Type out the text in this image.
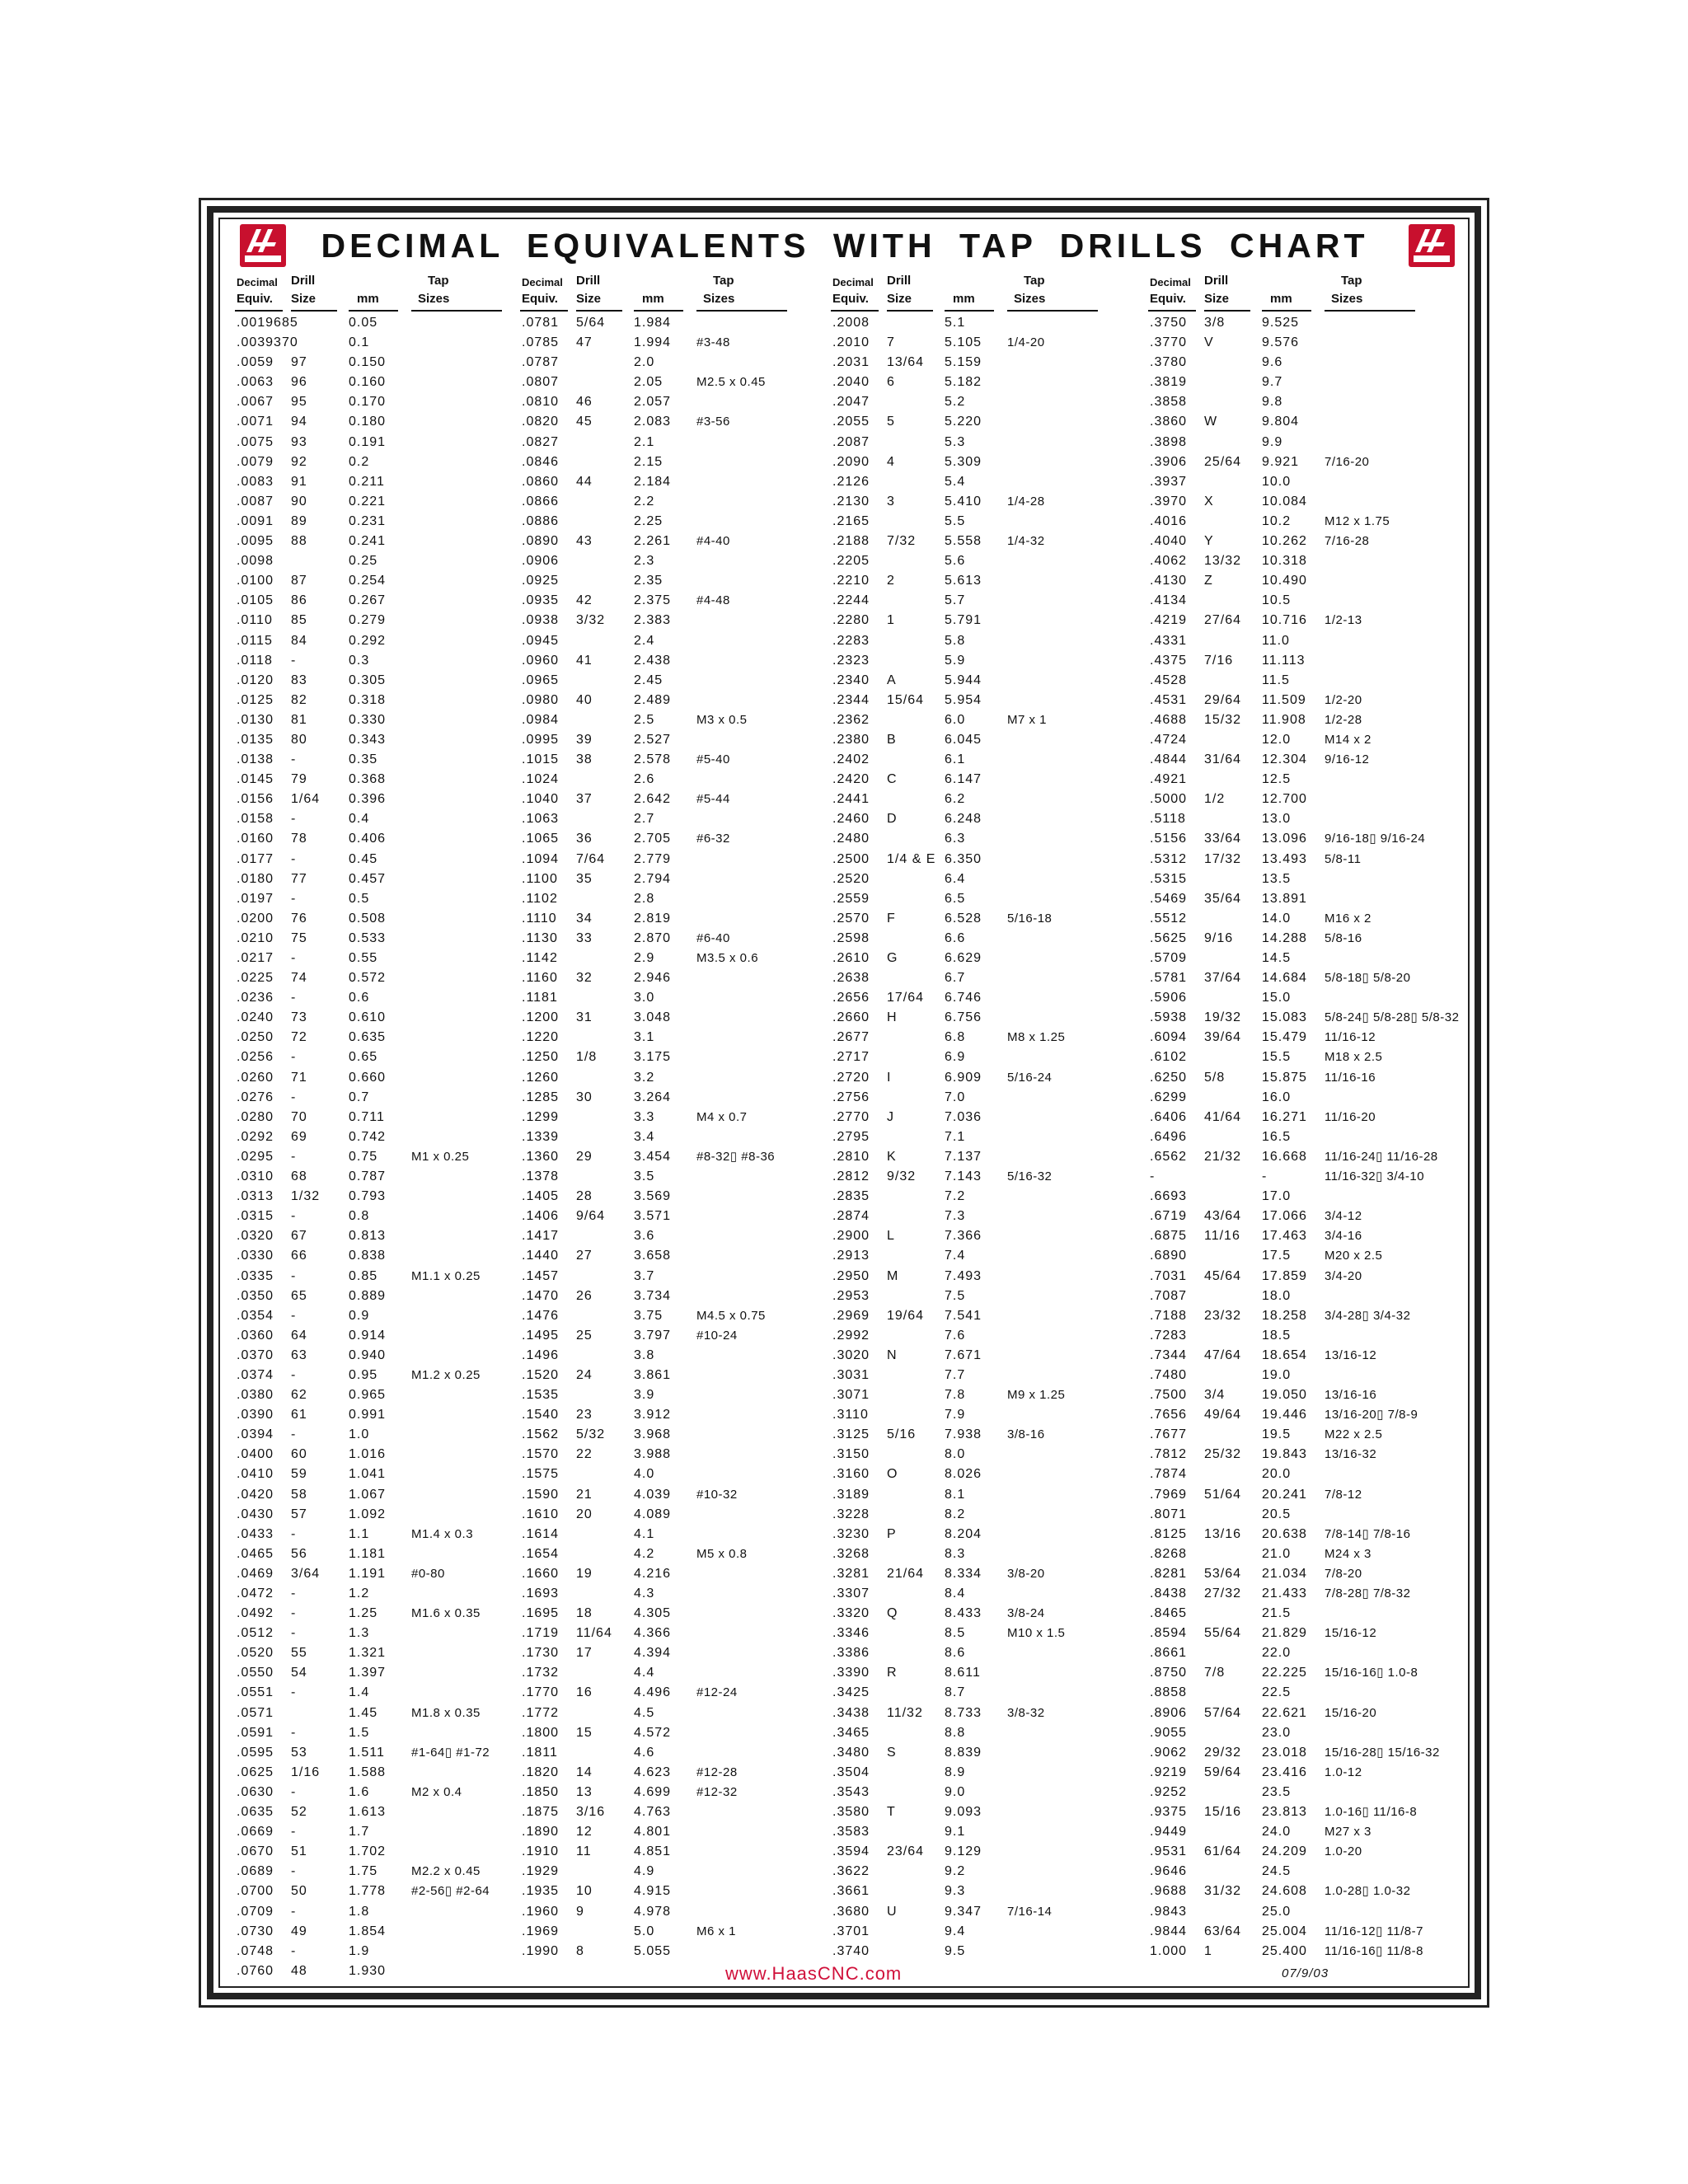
DECIMAL EQUIVALENTS WITH TAP DRILLS CHART
Decimal
Equiv.
Drill
Size	mm
Tap
Sizes
.0019685	0.05
.0039370	0.1
.0059 97	0.150
.0063 96	0.160
.0067 95	0.170
.0071 94	0.180
.0075 93	0.191
.0079 92	0.2
.0083 91	0.211
.0087 90	0.221
.0091 89	0.231
.0095 88	0.241
.0098	0.25
.0100 87	0.254
.0105 86	0.267
.0110 85	0.279
.0115 84	0.292
.0118 -	0.3
.0120 83	0.305
.0125 82	0.318
.0130 81	0.330
.0135 80	0.343
.0138 -	0.35
.0145 79	0.368
.0156 1/64 0.396
.0158 -	0.4
.0160 78	0.406
.0177 -	0.45
.0180 77	0.457
.0197 -	0.5
.0200 76	0.508
.0210 75	0.533
.0217 -	0.55
.0225 74	0.572
.0236 -	0.6
.0240 73	0.610
.0250 72	0.635
.0256 -	0.65
.0260 71	0.660
.0276 -	0.7
.0280 70	0.711
.0292 69	0.742
.0295 -	0.75	M1 x 0.25
.0310 68	0.787
.0313 1/32 0.793
.0315 -	0.8
.0320 67	0.813
.0330 66	0.838
.0335 -	0.85	M1.1 x 0.25
.0350 65	0.889
.0354 -	0.9
.0360 64	0.914
.0370 63	0.940
.0374 -	0.95	M1.2 x 0.25
.0380 62	0.965
.0390 61	0.991
.0394 -	1.0
.0400 60	1.016
.0410 59	1.041
.0420 58	1.067
.0430 57	1.092
.0433 -	1.1	M1.4 x 0.3
.0465 56	1.181
.0469 3/64 1.191 #0-80
.0472 -	1.2
.0492 -	1.25	M1.6 x 0.35
.0512 -	1.3
.0520 55	1.321
.0550 54	1.397
.0551 -	1.4
.0571	1.45	M1.8 x 0.35
.0591 -	1.5
.0595 53	1.511 #1-64▯ #1-72
.0625 1/16 1.588
.0630 -	1.6	M2 x 0.4
.0635 52	1.613
.0669 -	1.7
.0670 51	1.702
.0689 -	1.75	M2.2 x 0.45
.0700 50	1.778 #2-56▯ #2-64
.0709 -	1.8
.0730 49	1.854
.0748 -	1.9
.0760 48	1.930
Decimal
Equiv.
Drill
Size	mm
Tap
Sizes
.0781 5/64 1.984
.0785 47	1.994 #3-48
.0787	2.0
.0807	2.05	M2.5 x 0.45
.0810 46	2.057
.0820 45	2.083 #3-56
.0827	2.1
.0846	2.15
.0860 44	2.184
.0866	2.2
.0886	2.25
.0890 43	2.261 #4-40
.0906	2.3
.0925	2.35
.0935 42	2.375 #4-48
.0938 3/32 2.383
.0945	2.4
.0960 41	2.438
.0965	2.45
.0980 40	2.489
.0984	2.5	M3 x 0.5
.0995 39	2.527
.1015 38	2.578 #5-40
.1024	2.6
.1040 37	2.642 #5-44
.1063	2.7
.1065 36	2.705 #6-32
.1094 7/64 2.779
.1100 35	2.794
.1102	2.8
.1110 34	2.819
.1130 33	2.870 #6-40
.1142	2.9	M3.5 x 0.6
.1160 32	2.946
.1181	3.0
.1200 31	3.048
.1220	3.1
.1250 1/8	3.175
.1260	3.2
.1285 30	3.264
.1299	3.3	M4 x 0.7
.1339	3.4
.1360 29	3.454 #8-32▯ #8-36
.1378	3.5
.1405 28	3.569
.1406 9/64 3.571
.1417	3.6
.1440 27	3.658
.1457	3.7
.1470 26	3.734
.1476	3.75	M4.5 x 0.75
.1495 25	3.797 #10-24
.1496	3.8
.1520 24	3.861
.1535	3.9
.1540 23	3.912
.1562 5/32 3.968
.1570 22	3.988
.1575	4.0
.1590 21	4.039 #10-32
.1610 20	4.089
.1614	4.1
.1654	4.2	M5 x 0.8
.1660 19	4.216
.1693	4.3
.1695 18	4.305
.1719 11/64 4.366
.1730 17	4.394
.1732	4.4
.1770 16	4.496 #12-24
.1772	4.5
.1800 15	4.572
.1811	4.6
.1820 14	4.623 #12-28
.1850 13	4.699 #12-32
.1875 3/16 4.763
.1890 12	4.801
.1910 11	4.851
.1929	4.9
.1935 10	4.915
.1960 9	4.978
.1969	5.0	M6 x 1
.1990 8	5.055
Decimal
Equiv.
Drill
Size	mm
Tap
Sizes
.2008	5.1
.2010 7	5.105 1/4-20
.2031 13/64 5.159
.2040 6	5.182
.2047	5.2
.2055 5	5.220
.2087	5.3
.2090 4	5.309
.2126	5.4
.2130 3	5.410 1/4-28
.2165	5.5
.2188 7/32 5.558 1/4-32
.2205	5.6
.2210 2	5.613
.2244	5.7
.2280 1	5.791
.2283	5.8
.2323	5.9
.2340 A	5.944
.2344 15/64 5.954
.2362	6.0	M7 x 1
.2380 B	6.045
.2402	6.1
.2420 C	6.147
.2441	6.2
.2460 D	6.248
.2480	6.3
.2500 1/4 & E 6.350
.2520	6.4
.2559	6.5
.2570 F	6.528 5/16-18
.2598	6.6
.2610 G	6.629
.2638	6.7
.2656 17/64 6.746
.2660 H	6.756
.2677	6.8	M8 x 1.25
.2717	6.9
.2720 I	6.909 5/16-24
.2756	7.0
.2770 J	7.036
.2795	7.1
.2810 K	7.137
.2812 9/32 7.143 5/16-32
.2835	7.2
.2874	7.3
.2900 L	7.366
.2913	7.4
.2950 M	7.493
.2953	7.5
.2969 19/64 7.541
.2992	7.6
.3020 N	7.671
.3031	7.7
.3071	7.8	M9 x 1.25
.3110	7.9
.3125 5/16 7.938 3/8-16
.3150	8.0
.3160 O	8.026
.3189	8.1
.3228	8.2
.3230 P	8.204
.3268	8.3
.3281 21/64 8.334 3/8-20
.3307	8.4
.3320 Q	8.433 3/8-24
.3346	8.5	M10 x 1.5
.3386	8.6
.3390 R	8.611
.3425	8.7
.3438 11/32 8.733 3/8-32
.3465	8.8
.3480 S	8.839
.3504	8.9
.3543	9.0
.3580 T	9.093
.3583	9.1
.3594 23/64 9.129
.3622	9.2
.3661	9.3
.3680 U	9.347 7/16-14
.3701	9.4
.3740	9.5
Decimal
Equiv.
Drill
Size	mm
Tap
Sizes
.3750 3/8	9.525
.3770 V	9.576
.3780	9.6
.3819	9.7
.3858	9.8
.3860 W	9.804
.3898	9.9
.3906 25/64 9.921 7/16-20
.3937	10.0
.3970 X	10.084
.4016	10.2	M12 x 1.75
.4040 Y	10.262 7/16-28
.4062 13/32 10.318
.4130 Z	10.490
.4134	10.5
.4219 27/64 10.716 1/2-13
.4331	11.0
.4375 7/16 11.113
.4528	11.5
.4531 29/64 11.509 1/2-20
.4688 15/32 11.908 1/2-28
.4724	12.0	M14 x 2
.4844 31/64 12.304 9/16-12
.4921	12.5
.5000 1/2	12.700
.5118	13.0
.5156 33/64 13.096 9/16-18▯ 9/16-24
.5312 17/32 13.493 5/8-11
.5315	13.5
.5469 35/64 13.891
.5512	14.0	M16 x 2
.5625 9/16 14.288 5/8-16
.5709	14.5
.5781 37/64 14.684 5/8-18▯ 5/8-20
.5906	15.0
.5938 19/32 15.083 5/8-24▯ 5/8-28▯ 5/8-32
.6094 39/64 15.479 11/16-12
.6102	15.5	M18 x 2.5
.6250 5/8	15.875 11/16-16
.6299	16.0
.6406 41/64 16.271 11/16-20
.6496	16.5
.6562 21/32 16.668 11/16-24▯ 11/16-28
-	-	11/16-32▯ 3/4-10
.6693	17.0
.6719 43/64 17.066 3/4-12
.6875 11/16 17.463 3/4-16
.6890	17.5	M20 x 2.5
.7031 45/64 17.859 3/4-20
.7087	18.0
.7188 23/32 18.258 3/4-28▯ 3/4-32
.7283	18.5
.7344 47/64 18.654 13/16-12
.7480	19.0
.7500 3/4	19.050 13/16-16
.7656 49/64 19.446 13/16-20▯ 7/8-9
.7677	19.5	M22 x 2.5
.7812 25/32 19.843 13/16-32
.7874	20.0
.7969 51/64 20.241 7/8-12
.8071	20.5
.8125 13/16 20.638 7/8-14▯ 7/8-16
.8268	21.0	M24 x 3
.8281 53/64 21.034 7/8-20
.8438 27/32 21.433 7/8-28▯ 7/8-32
.8465	21.5
.8594 55/64 21.829 15/16-12
.8661	22.0
.8750 7/8	22.225 15/16-16▯ 1.0-8
.8858	22.5
.8906 57/64 22.621 15/16-20
.9055	23.0
.9062 29/32 23.018 15/16-28▯ 15/16-32
.9219 59/64 23.416 1.0-12
.9252	23.5
.9375 15/16 23.813 1.0-16▯ 11/16-8
.9449	24.0	M27 x 3
.9531 61/64 24.209 1.0-20
.9646	24.5
.9688 31/32 24.608 1.0-28▯ 1.0-32
.9843	25.0
.9844 63/64 25.004 11/16-12▯ 11/8-7
1.000 1	25.400 11/16-16▯ 11/8-8
www.HaasCNC.com	07/9/03
